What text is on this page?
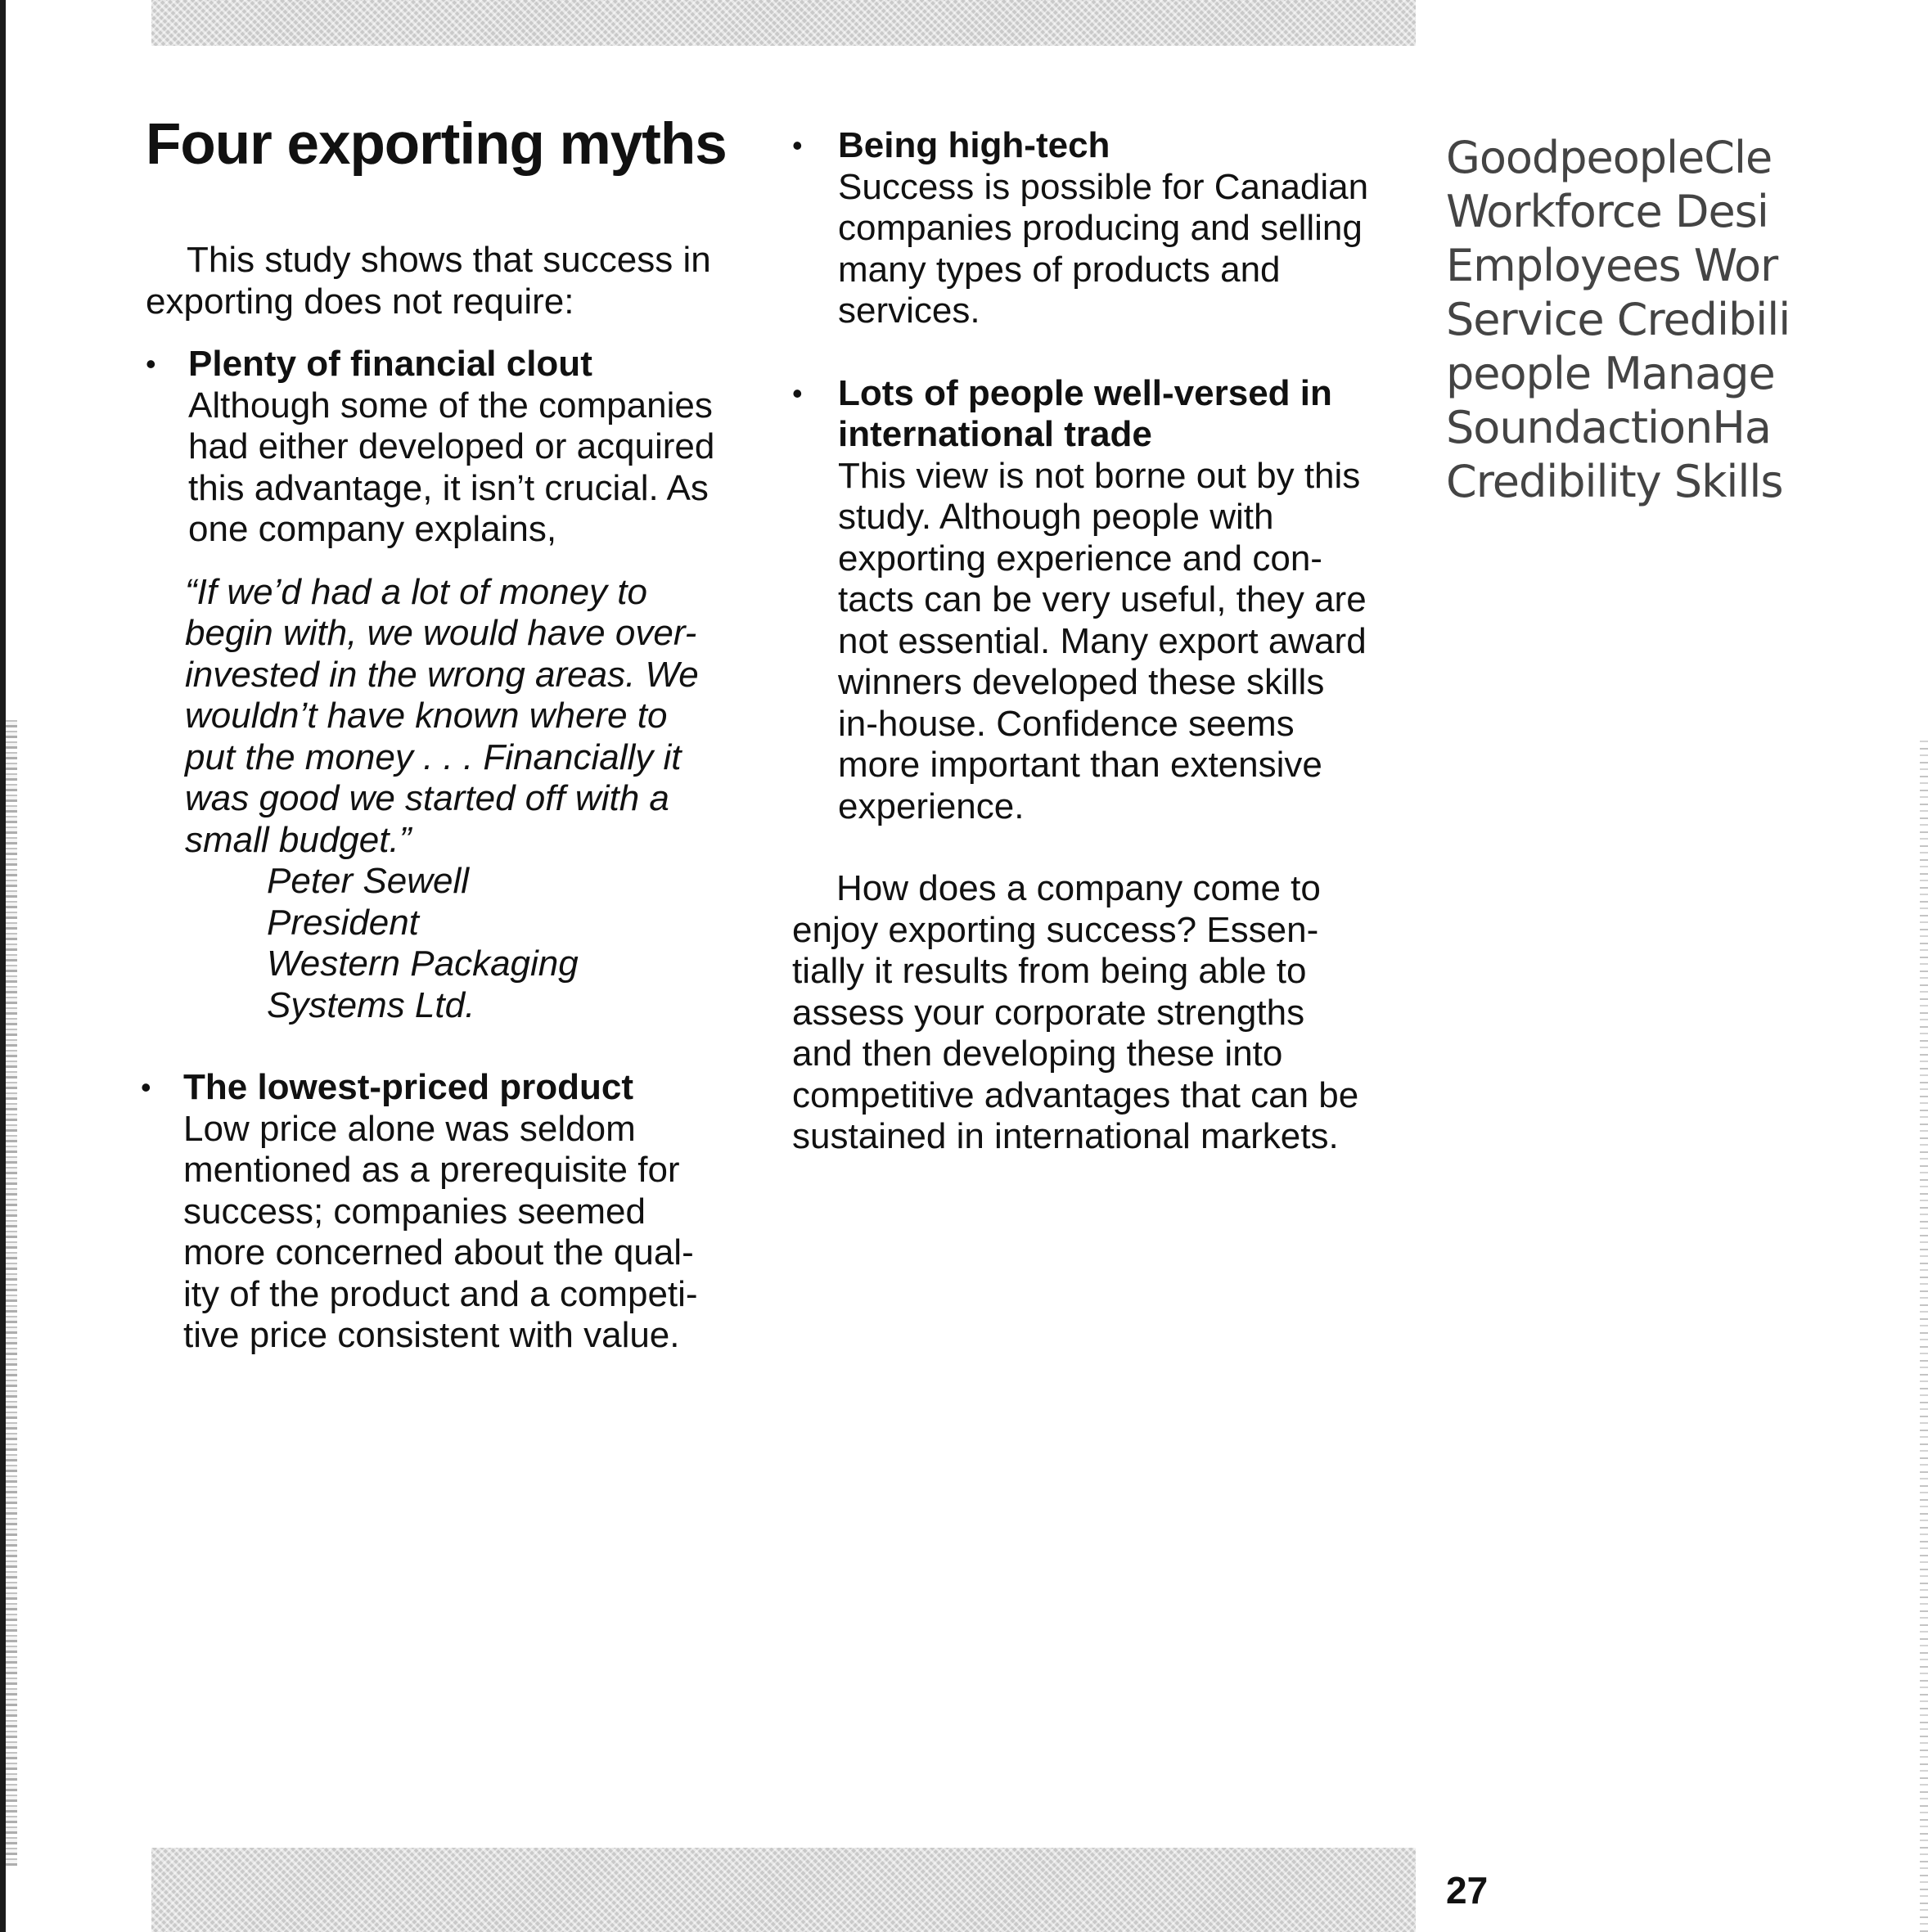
Four exporting myths

This study shows that success in

exporting does not require:

• Plenty of financial clout

Although some of the companies

had either developed or acquired

this advantage, it isn’t crucial. As

one company explains,

“If we’d had a lot of money to

begin with, we would have over-

invested in the wrong areas. We

wouldn’t have known where to

put the money . . . Financially it

was good we started off with a

small budget.”

Peter Sewell

President

Western Packaging

Systems Ltd.

• The lowest-priced product

Low price alone was seldom

mentioned as a prerequisite for

success; companies seemed

more concerned about the qual-

ity of the product and a competi-

tive price consistent with value.

• Being high-tech

Success is possible for Canadian

companies producing and selling

many types of products and

services.

• Lots of people well-versed in

international trade

This view is not borne out by this

study. Although people with

exporting experience and con-

tacts can be very useful, they are

not essential. Many export award

winners developed these skills

in-house. Confidence seems

more important than extensive

experience.

How does a company come to

enjoy exporting success? Essen-

tially it results from being able to

assess your corporate strengths

and then developing these into

competitive advantages that can be

sustained in international markets.

GoodpeopleCle
Workforce Desi
Employees Wor
Service Credibili
people Manage
SoundactionHa
Credibility Skills
27
